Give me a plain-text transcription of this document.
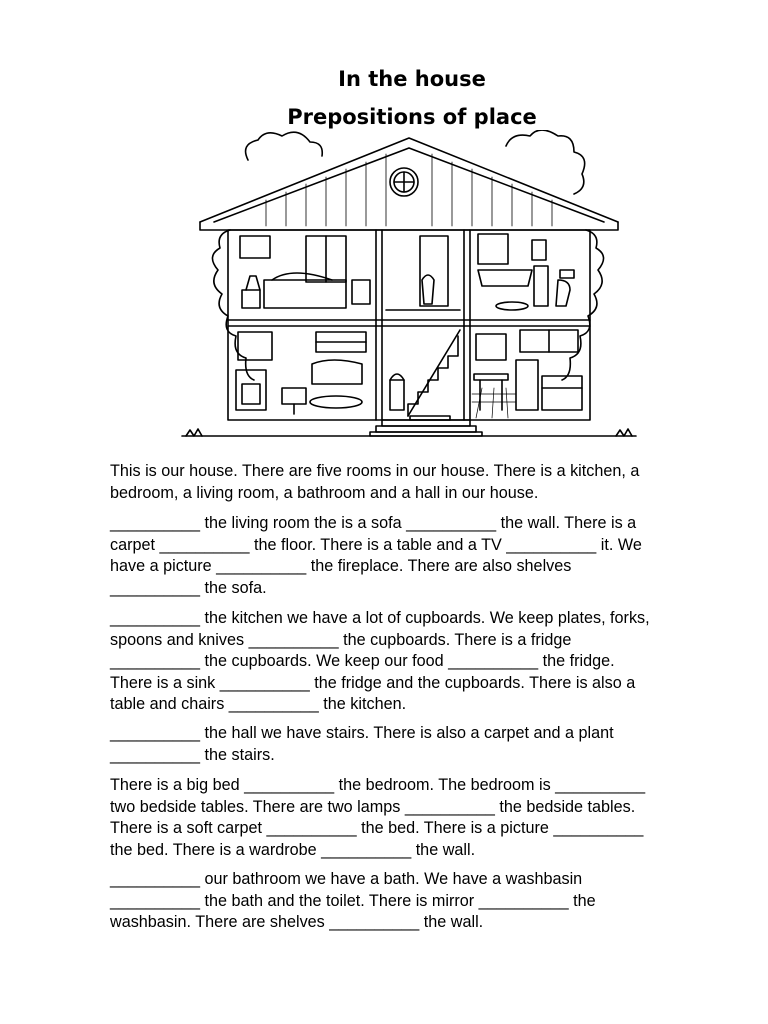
In the house
Prepositions of place

This is our house. There are five rooms in our house. There is a kitchen, a

bedroom, a living room, a bathroom and a hall in our house.

__________ the living room the is a sofa __________ the wall. There is a

carpet __________ the floor. There is a table and a TV __________ it. We

have a picture __________ the fireplace. There are also shelves

__________ the sofa.

__________ the kitchen we have a lot of cupboards. We keep plates, forks,

spoons and knives __________ the cupboards. There is a fridge

__________ the cupboards. We keep our food __________ the fridge.

There is a sink __________ the fridge and the cupboards. There is also a

table and chairs __________ the kitchen.

__________ the hall we have stairs. There is also a carpet and a plant

__________ the stairs.

There is a big bed __________ the bedroom. The bedroom is __________

two bedside tables. There are two lamps __________ the bedside tables.

There is a soft carpet __________ the bed. There is a picture __________

the bed. There is a wardrobe __________ the wall.

__________ our bathroom we have a bath. We have a washbasin

__________ the bath and the toilet. There is mirror __________ the

washbasin. There are shelves __________ the wall.
